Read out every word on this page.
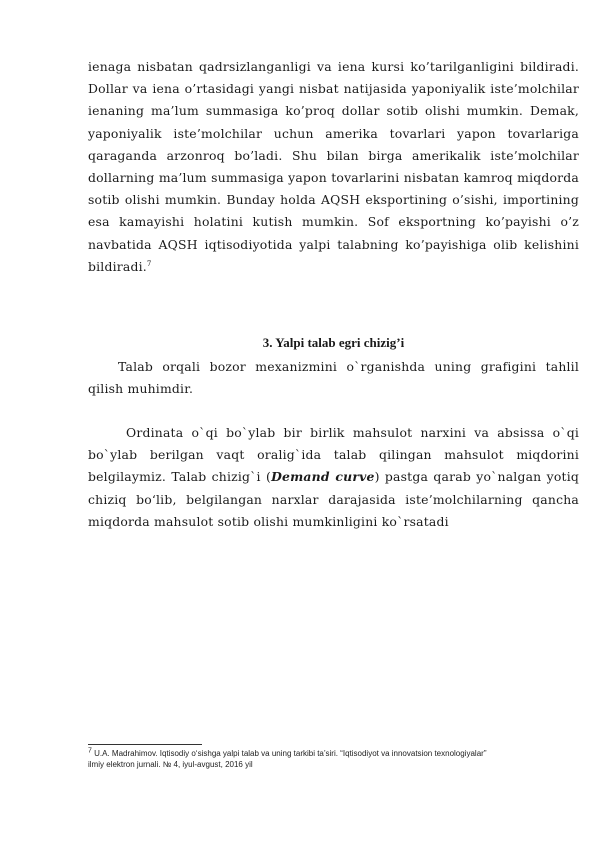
ienaga nisbatan qadrsizlanganligi va iena kursi ko’tarilganligini bildiradi. Dollar va iena o’rtasidagi yangi nisbat natijasida yaponiyalik iste’molchilar ienaning ma’lum summasiga ko’proq dollar sotib olishi mumkin. Demak, yaponiyalik iste’molchilar uchun amerika tovarlari yapon tovarlariga qaraganda arzonroq bo’ladi. Shu bilan birga amerikalik iste’molchilar dollarning ma’lum summasiga yapon tovarlarini nisbatan kamroq miqdorda sotib olishi mumkin. Bunday holda AQSH eksportining o’sishi, importining esa kamayishi holatini kutish mumkin. Sof eksportning ko’payishi o’z navbatida AQSH iqtisodiyotida yalpi talabning ko’payishiga olib kelishini bildiradi.$^7$
3. Yalpi talab egri chizig’i
Talab orqali bozor mexanizmini o`rganishda uning grafigini tahlil qilish muhimdir.
Ordinata o`qi bo`ylab bir birlik mahsulot narxini va absissa o`qi bo`ylab berilgan vaqt oralig`ida talab qilingan mahsulot miqdorini belgilaymiz. Talab chizig`i (Demand curve) pastga qarab yo`nalgan yotiq chiziq bo‘lib, belgilangan narxlar darajasida iste’molchilarning qancha miqdorda mahsulot sotib olishi mumkinligini ko`rsatadi
$^7$ U.A. Madrahimov. Iqtisodiy o‘sishga yalpi talab va uning tarkibi ta’siri. “Iqtisodiyot va innovatsion texnologiyalar” ilmiy elektron jurnali. № 4, iyul-avgust, 2016 yil
